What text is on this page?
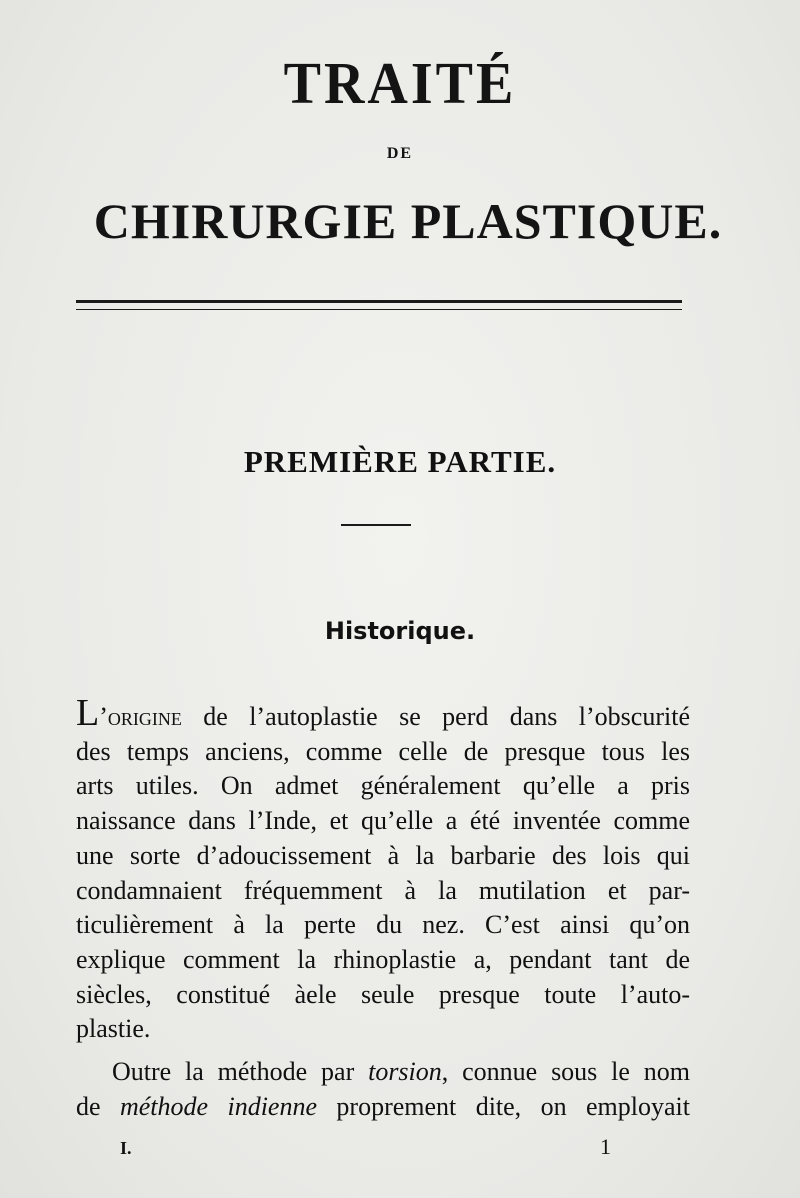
TRAITÉ
DE
CHIRURGIE PLASTIQUE.
PREMIÈRE PARTIE.
Historique.

L’origine de l’autoplastie se perd dans l’obscurité
des temps anciens, comme celle de presque tous les
arts utiles. On admet généralement qu’elle a pris
naissance dans l’Inde, et qu’elle a été inventée comme
une sorte d’adoucissement à la barbarie des lois qui
condamnaient fréquemment à la mutilation et par-
ticulièrement à la perte du nez. C’est ainsi qu’on
explique comment la rhinoplastie a, pendant tant de
siècles, constitué àele seule presque toute l’auto-
plastie.

Outre la méthode par torsion, connue sous le nom
de méthode indienne proprement dite, on employait

I.	1
